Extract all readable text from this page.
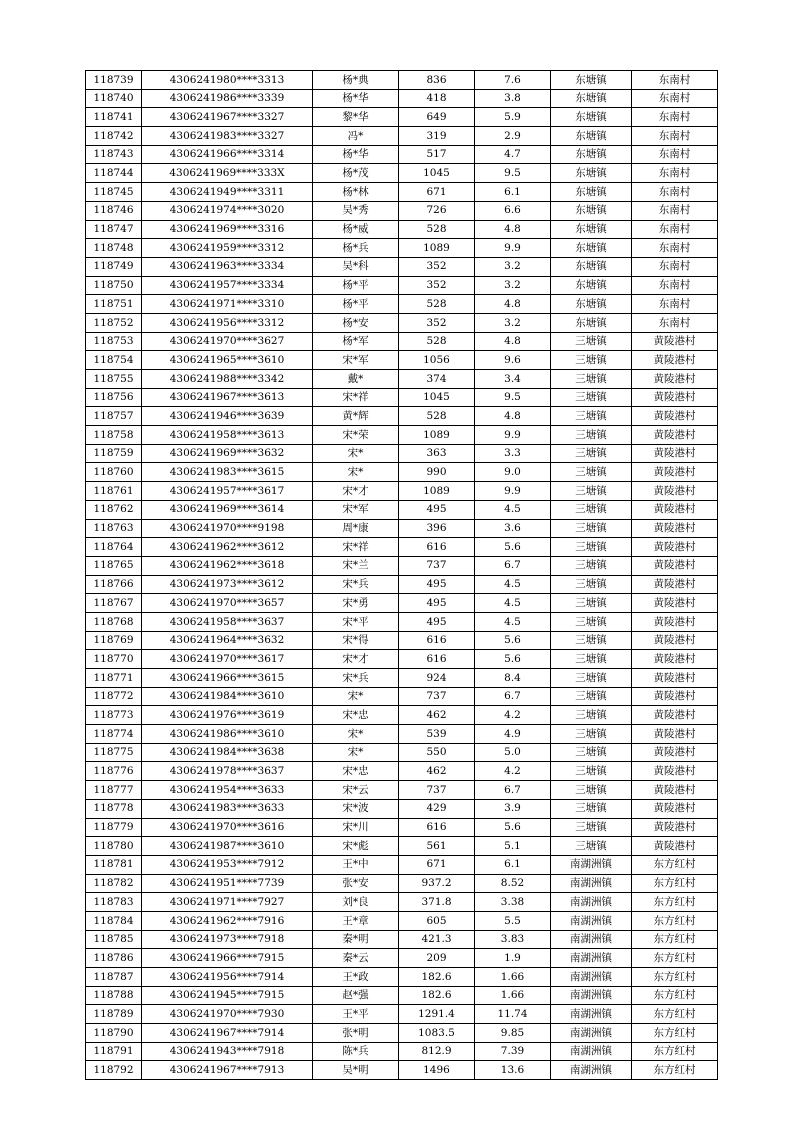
118739	4306241980****3313	杨*典	836	7.6	东塘镇	东南村
118740	4306241986****3339	杨*华	418	3.8	东塘镇	东南村
118741	4306241967****3327	黎*华	649	5.9	东塘镇	东南村
118742	4306241983****3327	冯*	319	2.9	东塘镇	东南村
118743	4306241966****3314	杨*华	517	4.7	东塘镇	东南村
118744	4306241969****333X	杨*茂	1045	9.5	东塘镇	东南村
118745	4306241949****3311	杨*林	671	6.1	东塘镇	东南村
118746	4306241974****3020	吴*秀	726	6.6	东塘镇	东南村
118747	4306241969****3316	杨*威	528	4.8	东塘镇	东南村
118748	4306241959****3312	杨*兵	1089	9.9	东塘镇	东南村
118749	4306241963****3334	吴*科	352	3.2	东塘镇	东南村
118750	4306241957****3334	杨*平	352	3.2	东塘镇	东南村
118751	4306241971****3310	杨*平	528	4.8	东塘镇	东南村
118752	4306241956****3312	杨*安	352	3.2	东塘镇	东南村
118753	4306241970****3627	杨*军	528	4.8	三塘镇	黄陵港村
118754	4306241965****3610	宋*军	1056	9.6	三塘镇	黄陵港村
118755	4306241988****3342	戴*	374	3.4	三塘镇	黄陵港村
118756	4306241967****3613	宋*祥	1045	9.5	三塘镇	黄陵港村
118757	4306241946****3639	黄*辉	528	4.8	三塘镇	黄陵港村
118758	4306241958****3613	宋*荣	1089	9.9	三塘镇	黄陵港村
118759	4306241969****3632	宋*	363	3.3	三塘镇	黄陵港村
118760	4306241983****3615	宋*	990	9.0	三塘镇	黄陵港村
118761	4306241957****3617	宋*才	1089	9.9	三塘镇	黄陵港村
118762	4306241969****3614	宋*军	495	4.5	三塘镇	黄陵港村
118763	4306241970****9198	周*康	396	3.6	三塘镇	黄陵港村
118764	4306241962****3612	宋*祥	616	5.6	三塘镇	黄陵港村
118765	4306241962****3618	宋*兰	737	6.7	三塘镇	黄陵港村
118766	4306241973****3612	宋*兵	495	4.5	三塘镇	黄陵港村
118767	4306241970****3657	宋*勇	495	4.5	三塘镇	黄陵港村
118768	4306241958****3637	宋*平	495	4.5	三塘镇	黄陵港村
118769	4306241964****3632	宋*得	616	5.6	三塘镇	黄陵港村
118770	4306241970****3617	宋*才	616	5.6	三塘镇	黄陵港村
118771	4306241966****3615	宋*兵	924	8.4	三塘镇	黄陵港村
118772	4306241984****3610	宋*	737	6.7	三塘镇	黄陵港村
118773	4306241976****3619	宋*忠	462	4.2	三塘镇	黄陵港村
118774	4306241986****3610	宋*	539	4.9	三塘镇	黄陵港村
118775	4306241984****3638	宋*	550	5.0	三塘镇	黄陵港村
118776	4306241978****3637	宋*忠	462	4.2	三塘镇	黄陵港村
118777	4306241954****3633	宋*云	737	6.7	三塘镇	黄陵港村
118778	4306241983****3633	宋*波	429	3.9	三塘镇	黄陵港村
118779	4306241970****3616	宋*川	616	5.6	三塘镇	黄陵港村
118780	4306241987****3610	宋*彪	561	5.1	三塘镇	黄陵港村
118781	4306241953****7912	王*中	671	6.1	南湖洲镇	东方红村
118782	4306241951****7739	张*安	937.2	8.52	南湖洲镇	东方红村
118783	4306241971****7927	刘*良	371.8	3.38	南湖洲镇	东方红村
118784	4306241962****7916	王*章	605	5.5	南湖洲镇	东方红村
118785	4306241973****7918	秦*明	421.3	3.83	南湖洲镇	东方红村
118786	4306241966****7915	秦*云	209	1.9	南湖洲镇	东方红村
118787	4306241956****7914	王*政	182.6	1.66	南湖洲镇	东方红村
118788	4306241945****7915	赵*强	182.6	1.66	南湖洲镇	东方红村
118789	4306241970****7930	王*平	1291.4	11.74	南湖洲镇	东方红村
118790	4306241967****7914	张*明	1083.5	9.85	南湖洲镇	东方红村
118791	4306241943****7918	陈*兵	812.9	7.39	南湖洲镇	东方红村
118792	4306241967****7913	吴*明	1496	13.6	南湖洲镇	东方红村
